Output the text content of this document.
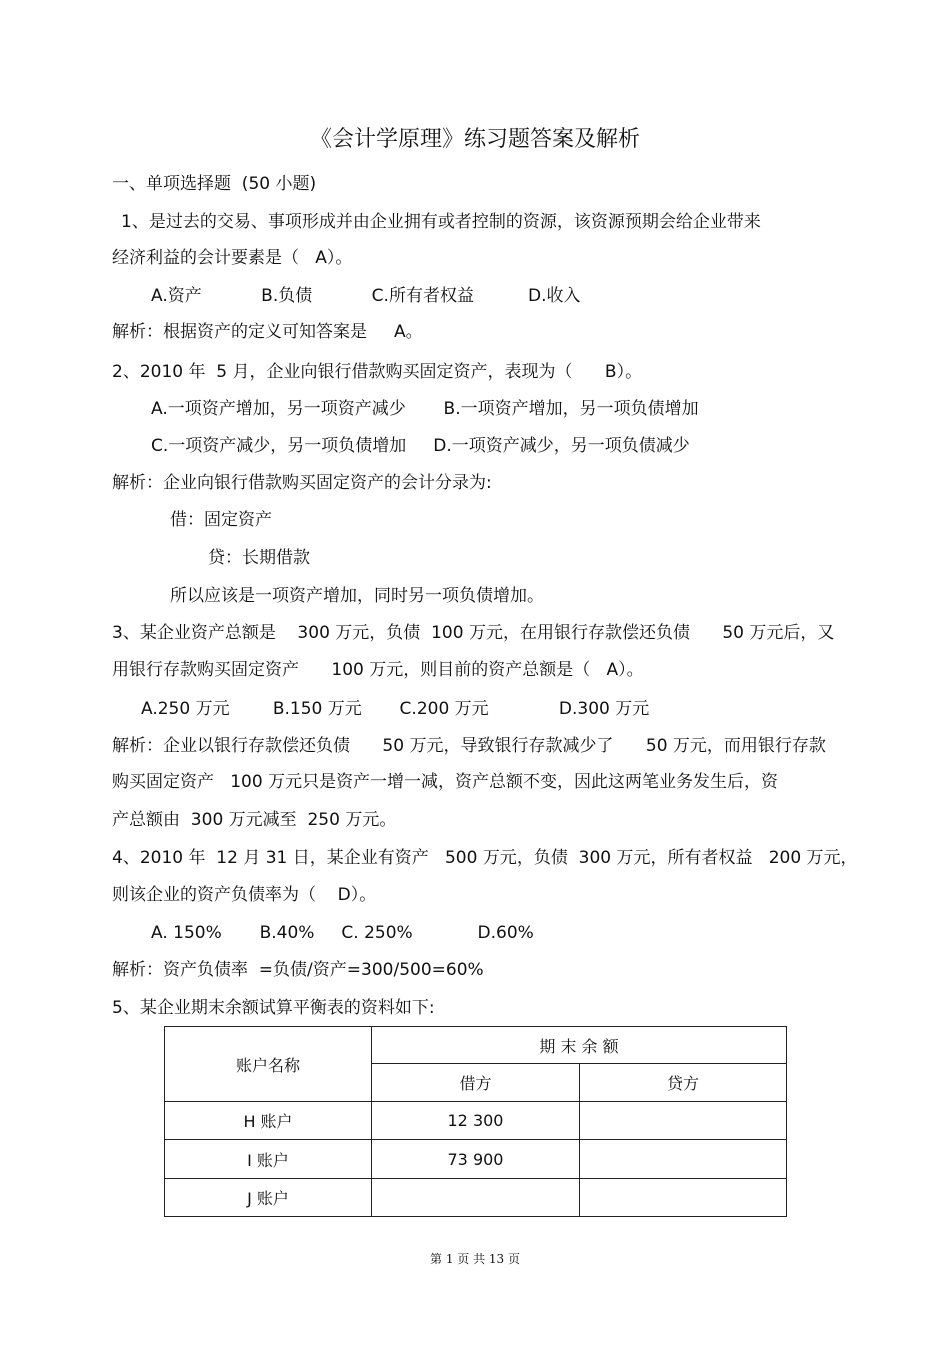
《会计学原理》练习题答案及解析
一、单项选择题  (50 小题)
1、是过去的交易、事项形成并由企业拥有或者控制的资源，该资源预期会给企业带来
经济利益的会计要素是（   A）。
A.资产           B.负债           C.所有者权益          D.收入
解析：根据资产的定义可知答案是     A。
2、2010 年  5 月，企业向银行借款购买固定资产，表现为（      B）。
A.一项资产增加，另一项资产减少       B.一项资产增加，另一项负债增加
C.一项资产减少，另一项负债增加     D.一项资产减少，另一项负债减少
解析：企业向银行借款购买固定资产的会计分录为:
借：固定资产
贷：长期借款
所以应该是一项资产增加，同时另一项负债增加。
3、某企业资产总额是    300 万元，负债  100 万元，在用银行存款偿还负债      50 万元后，又
用银行存款购买固定资产      100 万元，则目前的资产总额是（   A）。
A.250 万元        B.150 万元       C.200 万元             D.300 万元
解析：企业以银行存款偿还负债      50 万元，导致银行存款减少了      50 万元，而用银行存款
购买固定资产   100 万元只是资产一增一减，资产总额不变，因此这两笔业务发生后，资
产总额由  300 万元减至  250 万元。
4、2010 年  12 月 31 日，某企业有资产   500 万元，负债  300 万元，所有者权益   200 万元，
则该企业的资产负债率为（    D）。
A. 150%       B.40%     C. 250%            D.60%
解析：资产负债率  =负债/资产=300/500=60%
5、某企业期末余额试算平衡表的资料如下:
账户名称	期 末 余 额	
	借方	贷方
H 账户	12 300	
I 账户	73 900	
J 账户		
第 1 页 共 13 页
